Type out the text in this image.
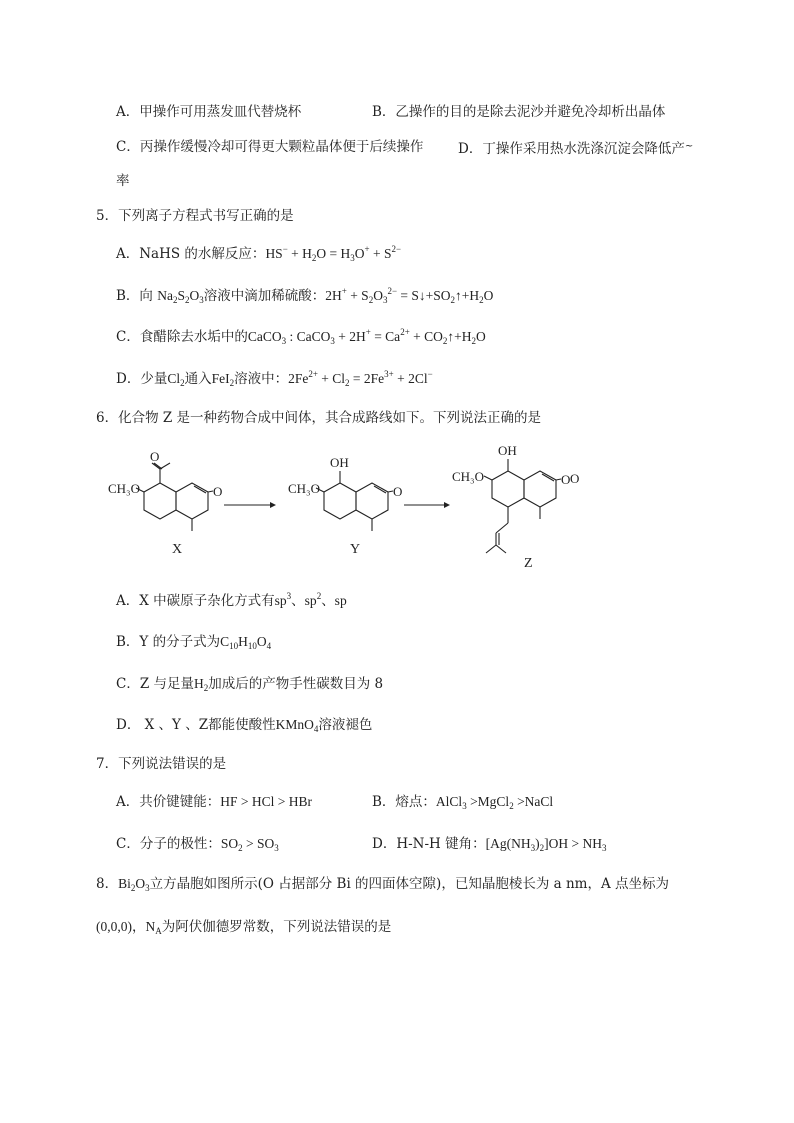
A．甲操作可用蒸发皿代替烧杯	B．乙操作的目的是除去泥沙并避免冷却析出晶体
C．丙操作缓慢冷却可得更大颗粒晶体便于后续操作	D．丁操作采用热水洗涤沉淀会降低产~
率
5．下列离子方程式书写正确的是
A．NaHS 的水解反应：$HS^- + H_2O = H_3O^+ + S^{2-}$
B．向 $Na_2S_2O_3$溶液中滴加稀硫酸：$2H^+ + S_2O_3^{2-}$ = $S↓+SO_2↑+H_2O$
C．食醋除去水垢中的CaCO$_3$ : CaCO$_3$ + $2H^+ = Ca^{2+}$ + $CO_2↑+H_2O$
D．少量$Cl_2$通入FeI$_2$溶液中：$2Fe^{2+} + Cl_2 = 2Fe^{3+} + 2Cl^-$
6．化合物 Z 是一种药物合成中间体，其合成路线如下。下列说法正确的是
O
CH₃O	O
X
OH
CH₃O	O
Y
OH
CH₃O	O O
Z
A．X 中碳原子杂化方式有$sp^3$、$sp^2$、sp
B．Y 的分子式为$C_{10}H_{10}O_4$
C．Z 与足量$H_2$加成后的产物手性碳数目为 8
D． X 、Y 、Z都能使酸性KMnO$_4$溶液褪色
7．下列说法错误的是
A．共价键键能：HF > HCl > HBr	B．熔点：AlCl$_3$ >MgCl$_2$ >NaCl
C．分子的极性：$SO_2 > SO_3$	D．H-N-H 键角：$[Ag(NH_3)_2]OH > NH_3$
8．$Bi_2O_3$立方晶胞如图所示(O 占据部分 Bi 的四面体空隙)，已知晶胞棱长为 a nm，A 点坐标为
(0,0,0)，$N_A$为阿伏伽德罗常数，下列说法错误的是
